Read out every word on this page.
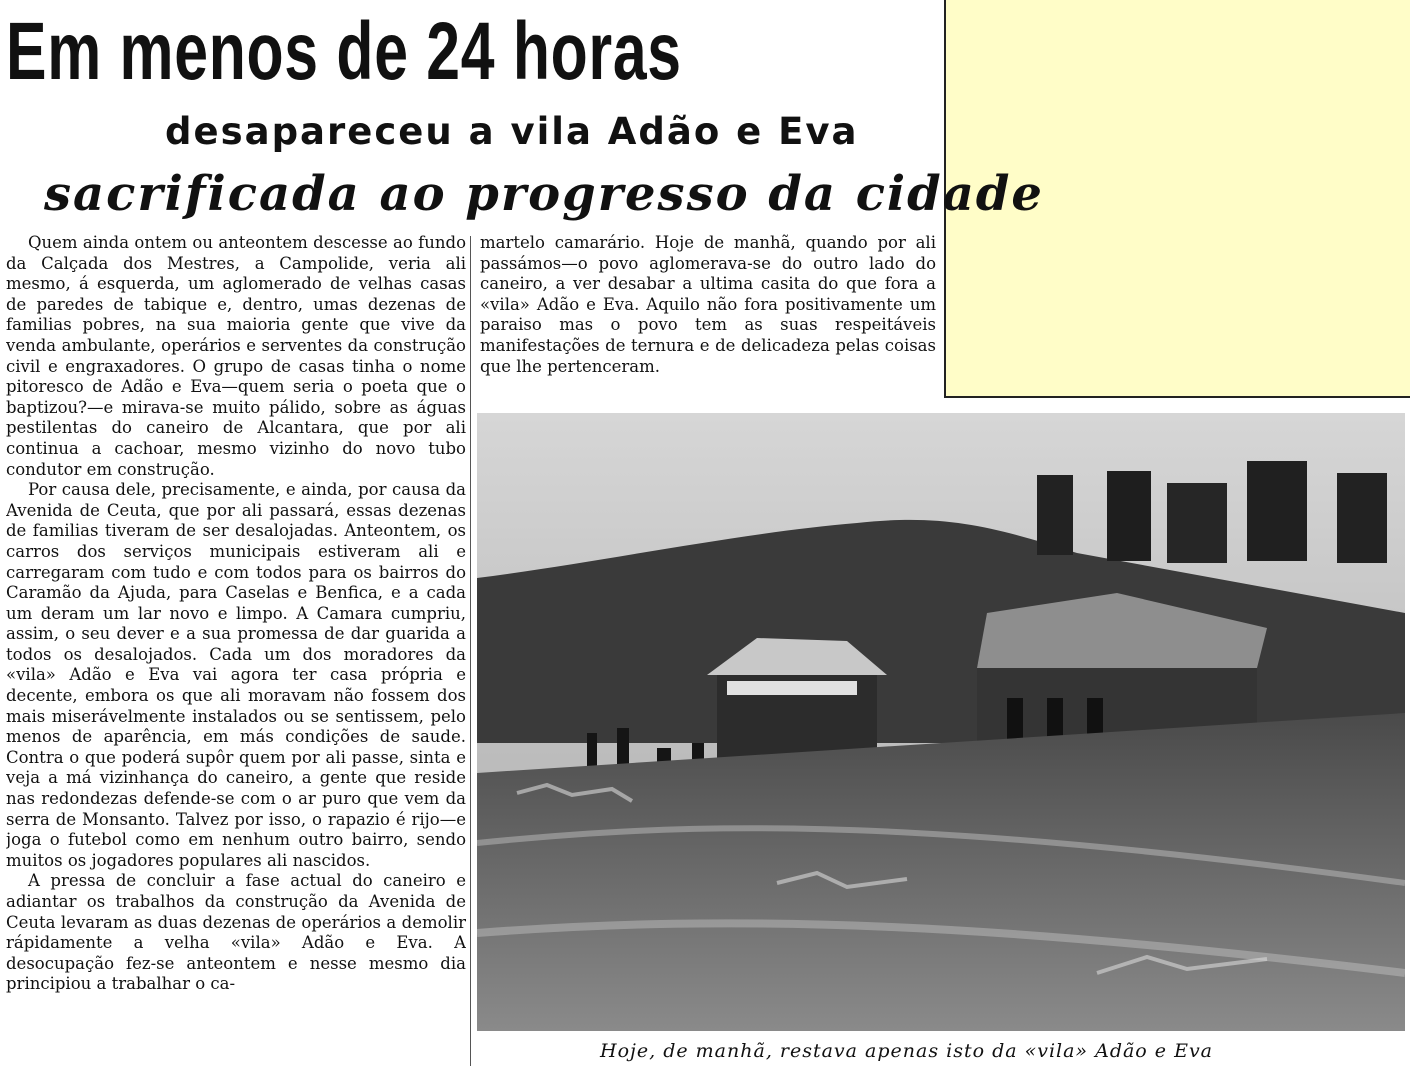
Em menos de 24 horas
desapareceu a vila Adão e Eva
sacrificada ao progresso da cidade

Quem ainda ontem ou anteontem descesse ao fundo da Calçada dos Mestres, a Campolide, veria ali mesmo, á esquerda, um aglomerado de velhas casas de paredes de tabique e, dentro, umas dezenas de familias pobres, na sua maioria gente que vive da venda ambulante, operários e serventes da construção civil e engraxadores. O grupo de casas tinha o nome pitoresco de Adão e Eva—quem seria o poeta que o baptizou?—e mirava-se muito pálido, sobre as águas pestilentas do caneiro de Alcantara, que por ali continua a cachoar, mesmo vizinho do novo tubo condutor em construção.

Por causa dele, precisamente, e ainda, por causa da Avenida de Ceuta, que por ali passará, essas dezenas de familias tiveram de ser desalojadas. Anteontem, os carros dos serviços municipais estiveram ali e carregaram com tudo e com todos para os bairros do Caramão da Ajuda, para Caselas e Benfica, e a cada um deram um lar novo e limpo. A Camara cumpriu, assim, o seu dever e a sua promessa de dar guarida a todos os desalojados. Cada um dos moradores da «vila» Adão e Eva vai agora ter casa própria e decente, embora os que ali moravam não fossem dos mais miserávelmente instalados ou se sentissem, pelo menos de aparência, em más condições de saude. Contra o que poderá supôr quem por ali passe, sinta e veja a má vizinhança do caneiro, a gente que reside nas redondezas defende-se com o ar puro que vem da serra de Monsanto. Talvez por isso, o rapazio é rijo—e joga o futebol como em nenhum outro bairro, sendo muitos os jogadores populares ali nascidos.

A pressa de concluir a fase actual do caneiro e adiantar os trabalhos da construção da Avenida de Ceuta levaram as duas dezenas de operários a demolir rápidamente a velha «vila» Adão e Eva. A desocupação fez-se anteontem e nesse mesmo dia principiou a trabalhar o ca-

martelo camarário. Hoje de manhã, quando por ali passámos—o povo aglomerava-se do outro lado do caneiro, a ver desabar a ultima casita do que fora a «vila» Adão e Eva. Aquilo não fora positivamente um paraiso mas o povo tem as suas respeitáveis manifestações de ternura e de delicadeza pelas coisas que lhe pertenceram.

Hoje, de manhã, restava apenas isto da «vila» Adão e Eva
